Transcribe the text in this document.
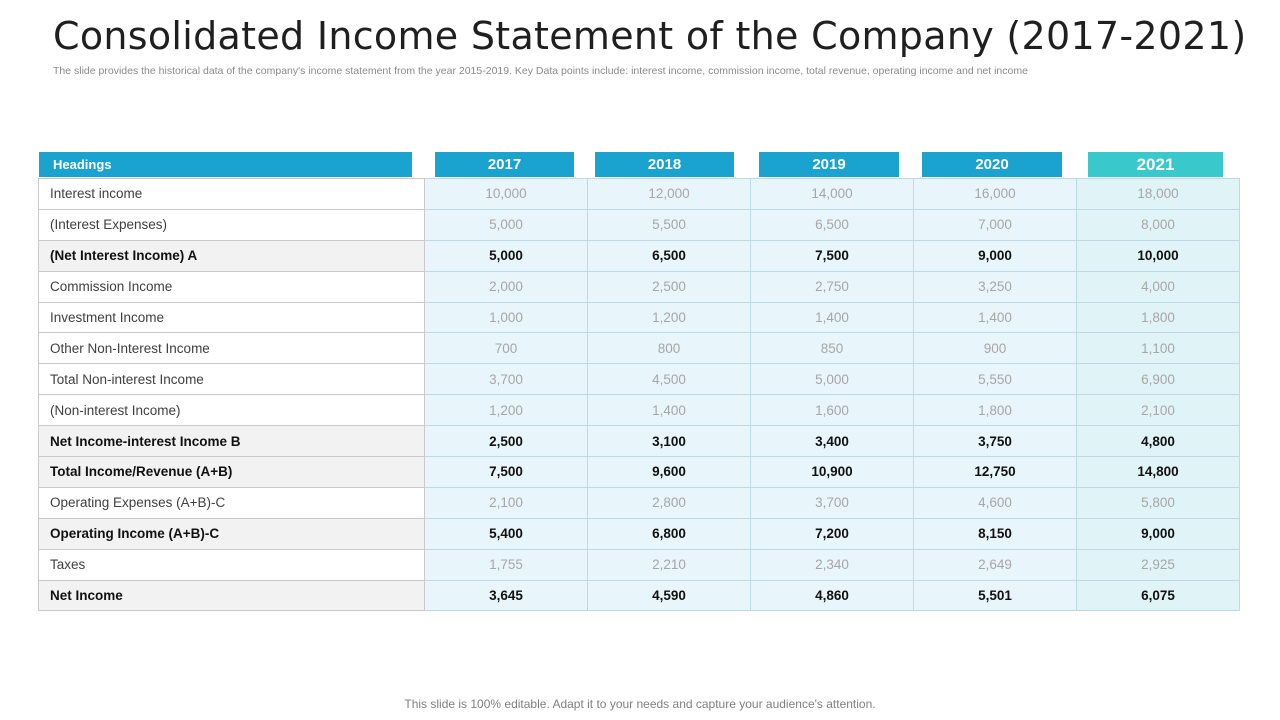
Consolidated Income Statement of the Company (2017-2021)
The slide provides the historical data of the company's income statement from the year 2015-2019. Key Data points include: interest income, commission income, total revenue, operating income and net income
Headings	2017	2018	2019	2020	2021
Interest income	10,000	12,000	14,000	16,000	18,000
(Interest Expenses)	5,000	5,500	6,500	7,000	8,000
(Net Interest Income) A	5,000	6,500	7,500	9,000	10,000
Commission Income	2,000	2,500	2,750	3,250	4,000
Investment Income	1,000	1,200	1,400	1,400	1,800
Other Non-Interest Income	700	800	850	900	1,100
Total Non-interest Income	3,700	4,500	5,000	5,550	6,900
(Non-interest Income)	1,200	1,400	1,600	1,800	2,100
Net Income-interest Income B	2,500	3,100	3,400	3,750	4,800
Total Income/Revenue (A+B)	7,500	9,600	10,900	12,750	14,800
Operating Expenses (A+B)-C	2,100	2,800	3,700	4,600	5,800
Operating Income (A+B)-C	5,400	6,800	7,200	8,150	9,000
Taxes	1,755	2,210	2,340	2,649	2,925
Net Income	3,645	4,590	4,860	5,501	6,075
This slide is 100% editable. Adapt it to your needs and capture your audience's attention.
